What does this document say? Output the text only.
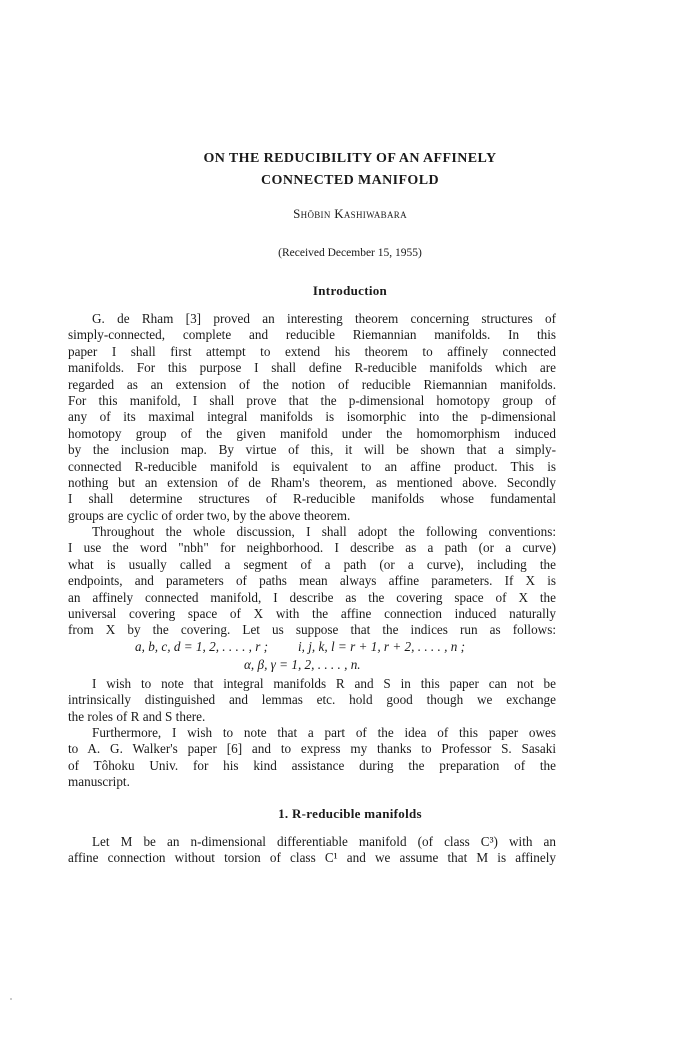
ON THE REDUCIBILITY OF AN AFFINELY
CONNECTED MANIFOLD
Shōbin Kashiwabara
(Received December 15, 1955)
Introduction
G. de Rham [3] proved an interesting theorem concerning structures of
simply-connected, complete and reducible Riemannian manifolds. In this
paper I shall first attempt to extend his theorem to affinely connected
manifolds. For this purpose I shall define R-reducible manifolds which are
regarded as an extension of the notion of reducible Riemannian manifolds.
For this manifold, I shall prove that the p-dimensional homotopy group of
any of its maximal integral manifolds is isomorphic into the p-dimensional
homotopy group of the given manifold under the homomorphism induced
by the inclusion map. By virtue of this, it will be shown that a simply-
connected R-reducible manifold is equivalent to an affine product. This is
nothing but an extension of de Rham's theorem, as mentioned above. Secondly
I shall determine structures of R-reducible manifolds whose fundamental
groups are cyclic of order two, by the above theorem.
Throughout the whole discussion, I shall adopt the following conventions:
I use the word "nbh" for neighborhood. I describe as a path (or a curve)
what is usually called a segment of a path (or a curve), including the
endpoints, and parameters of paths mean always affine parameters. If X is
an affinely connected manifold, I describe as the covering space of X the
universal covering space of X with the affine connection induced naturally
from X by the covering. Let us suppose that the indices run as follows:
a, b, c, d = 1, 2, . . . . , r ; i, j, k, l = r + 1, r + 2, . . . . , n ;
α, β, γ = 1, 2, . . . . , n.
I wish to note that integral manifolds R and S in this paper can not be
intrinsically distinguished and lemmas etc. hold good though we exchange
the roles of R and S there.
Furthermore, I wish to note that a part of the idea of this paper owes
to A. G. Walker's paper [6] and to express my thanks to Professor S. Sasaki
of Tôhoku Univ. for his kind assistance during the preparation of the
manuscript.
1. R-reducible manifolds
Let M be an n-dimensional differentiable manifold (of class C³) with an
affine connection without torsion of class C¹ and we assume that M is affinely
